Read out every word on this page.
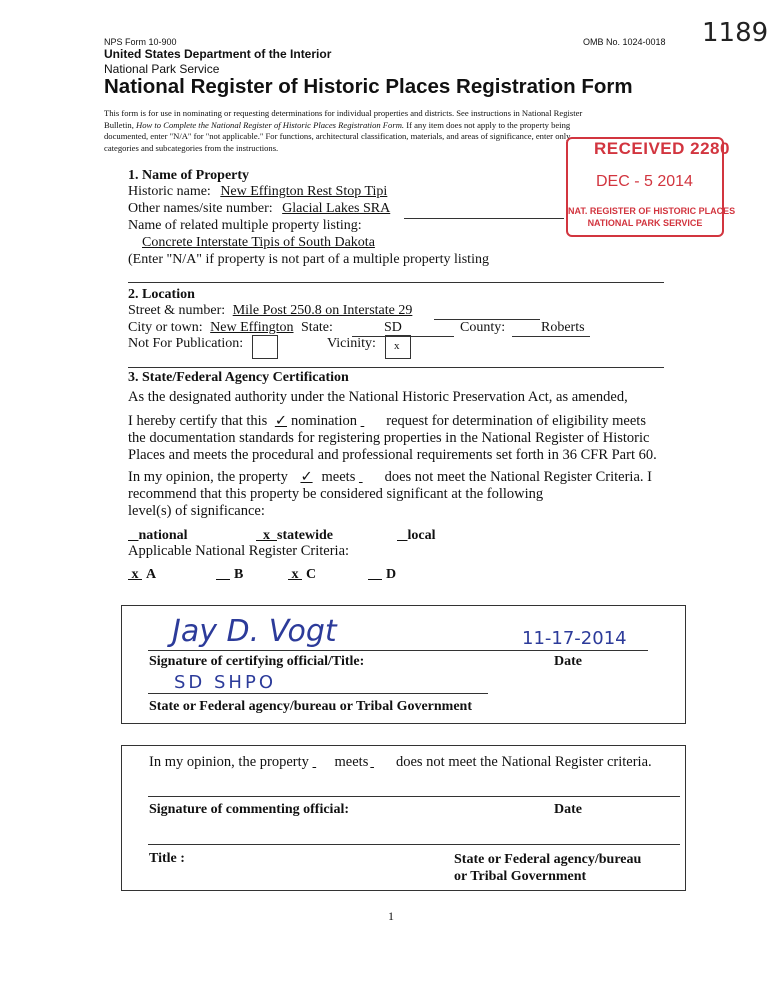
NPS Form 10-900	OMB No. 1024-0018 1189
United States Department of the Interior
National Park Service
National Register of Historic Places Registration Form
This form is for use in nominating or requesting determinations for individual properties and districts. See instructions in National Register
Bulletin, How to Complete the National Register of Historic Places Registration Form. If any item does not apply to the property being
documented, enter "N/A" for "not applicable." For functions, architectural classification, materials, and areas of significance, enter only
categories and subcategories from the instructions.	RECEIVED 2280
DEC - 5 2014
NAT. REGISTER OF HISTORIC PLACES
NATIONAL PARK SERVICE
1. Name of Property
Historic name: New Effington Rest Stop Tipi
Other names/site number: Glacial Lakes SRA
Name of related multiple property listing:
Concrete Interstate Tipis of South Dakota
(Enter "N/A" if property is not part of a multiple property listing
2. Location
Street & number: Mile Post 250.8 on Interstate 29
City or town: New Effington State:	SD	County:	Roberts
Not For Publication:	Vicinity: x
3. State/Federal Agency Certification
As the designated authority under the National Historic Preservation Act, as amended,
I hereby certify that this ✓ nomination request for determination of eligibility meets
the documentation standards for registering properties in the National Register of Historic
Places and meets the procedural and professional requirements set forth in 36 CFR Part 60.
In my opinion, the property ✓ meets does not meet the National Register Criteria. I
recommend that this property be considered significant at the following
level(s) of significance:
national	x statewide	local
Applicable National Register Criteria:
x A	B	x C	D
Jay D. Vogt	11-17-2014
Signature of certifying official/Title:	Date
SD SHPO
State or Federal agency/bureau or Tribal Government
In my opinion, the property meets does not meet the National Register criteria.
Signature of commenting official:	Date
Title :	State or Federal agency/bureau
or Tribal Government
1
